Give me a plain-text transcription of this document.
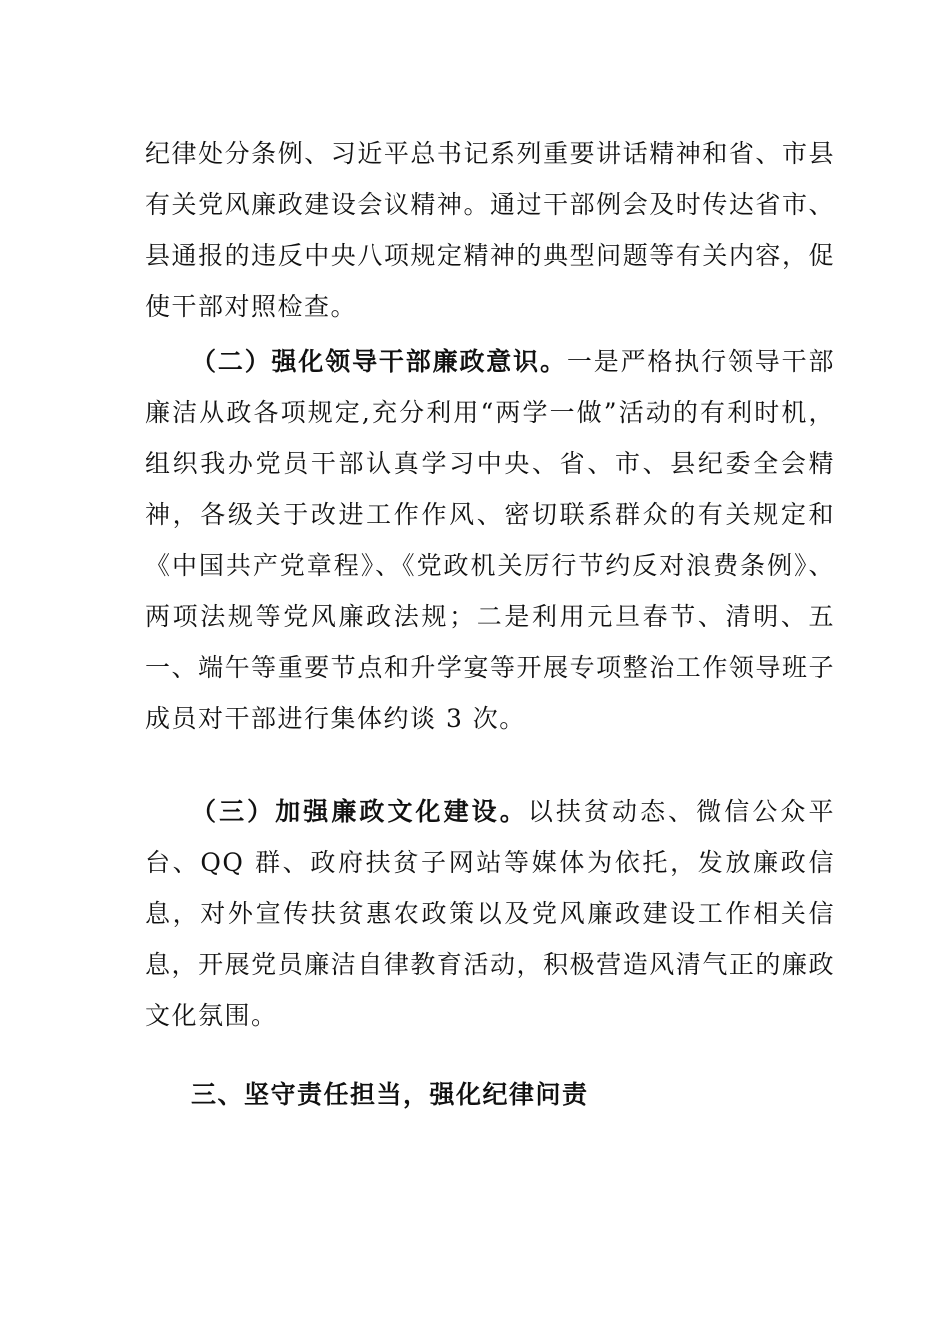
纪律处分条例、习近平总书记系列重要讲话精神和省、市县有关党风廉政建设会议精神。通过干部例会及时传达省市、县通报的违反中央八项规定精神的典型问题等有关内容，促使干部对照检查。

（二）强化领导干部廉政意识。一是严格执行领导干部廉洁从政各项规定,充分利用“两学一做”活动的有利时机，组织我办党员干部认真学习中央、省、市、县纪委全会精神，各级关于改进工作作风、密切联系群众的有关规定和《中国共产党章程》、《党政机关厉行节约反对浪费条例》、两项法规等党风廉政法规；二是利用元旦春节、清明、五一、端午等重要节点和升学宴等开展专项整治工作领导班子成员对干部进行集体约谈 3 次。

（三）加强廉政文化建设。以扶贫动态、微信公众平台、QQ 群、政府扶贫子网站等媒体为依托，发放廉政信息，对外宣传扶贫惠农政策以及党风廉政建设工作相关信息，开展党员廉洁自律教育活动，积极营造风清气正的廉政文化氛围。

三、坚守责任担当，强化纪律问责
